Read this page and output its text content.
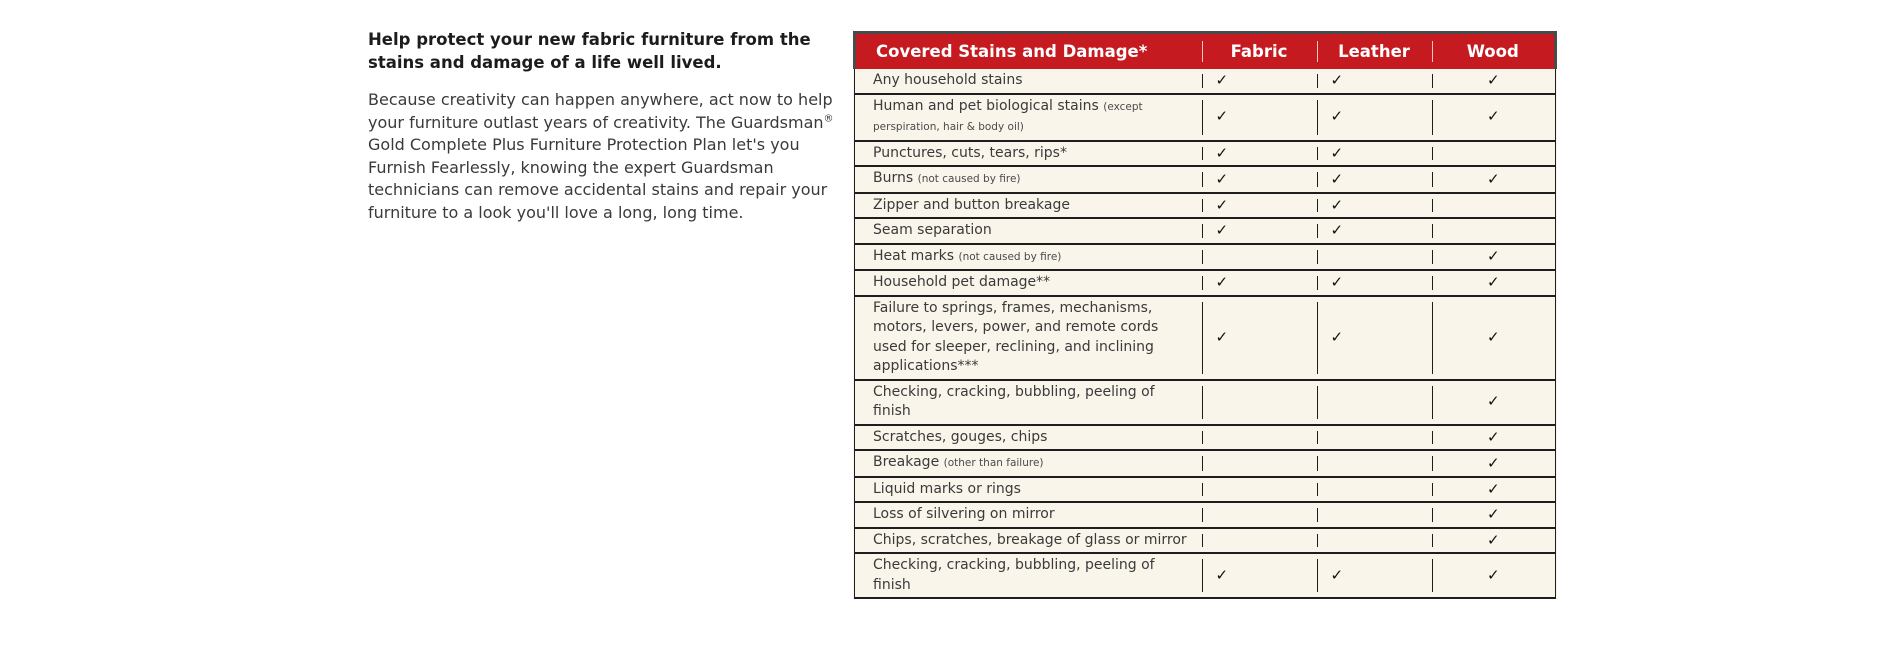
Help protect your new fabric furniture from the stains and damage of a life well lived.

Because creativity can happen anywhere, act now to help your furniture outlast years of creativity. The Guardsman® Gold Complete Plus Furniture Protection Plan let's you Furnish Fearlessly, knowing the expert Guardsman technicians can remove accidental stains and repair your furniture to a look you'll love a long, long time.

Covered Stains and Damage*	Fabric	Leather	Wood
Any household stains	✓	✓	✓
Human and pet biological stains (except perspiration, hair & body oil)	✓	✓	✓
Punctures, cuts, tears, rips*	✓	✓	
Burns (not caused by fire)	✓	✓	✓
Zipper and button breakage	✓	✓	
Seam separation	✓	✓	
Heat marks (not caused by fire)			✓
Household pet damage**	✓	✓	✓
Failure to springs, frames, mechanisms, motors, levers, power, and remote cords used for sleeper, reclining, and inclining applications***	✓	✓	✓
Checking, cracking, bubbling, peeling of finish			✓
Scratches, gouges, chips			✓
Breakage (other than failure)			✓
Liquid marks or rings			✓
Loss of silvering on mirror			✓
Chips, scratches, breakage of glass or mirror			✓
Checking, cracking, bubbling, peeling of finish	✓	✓	✓
